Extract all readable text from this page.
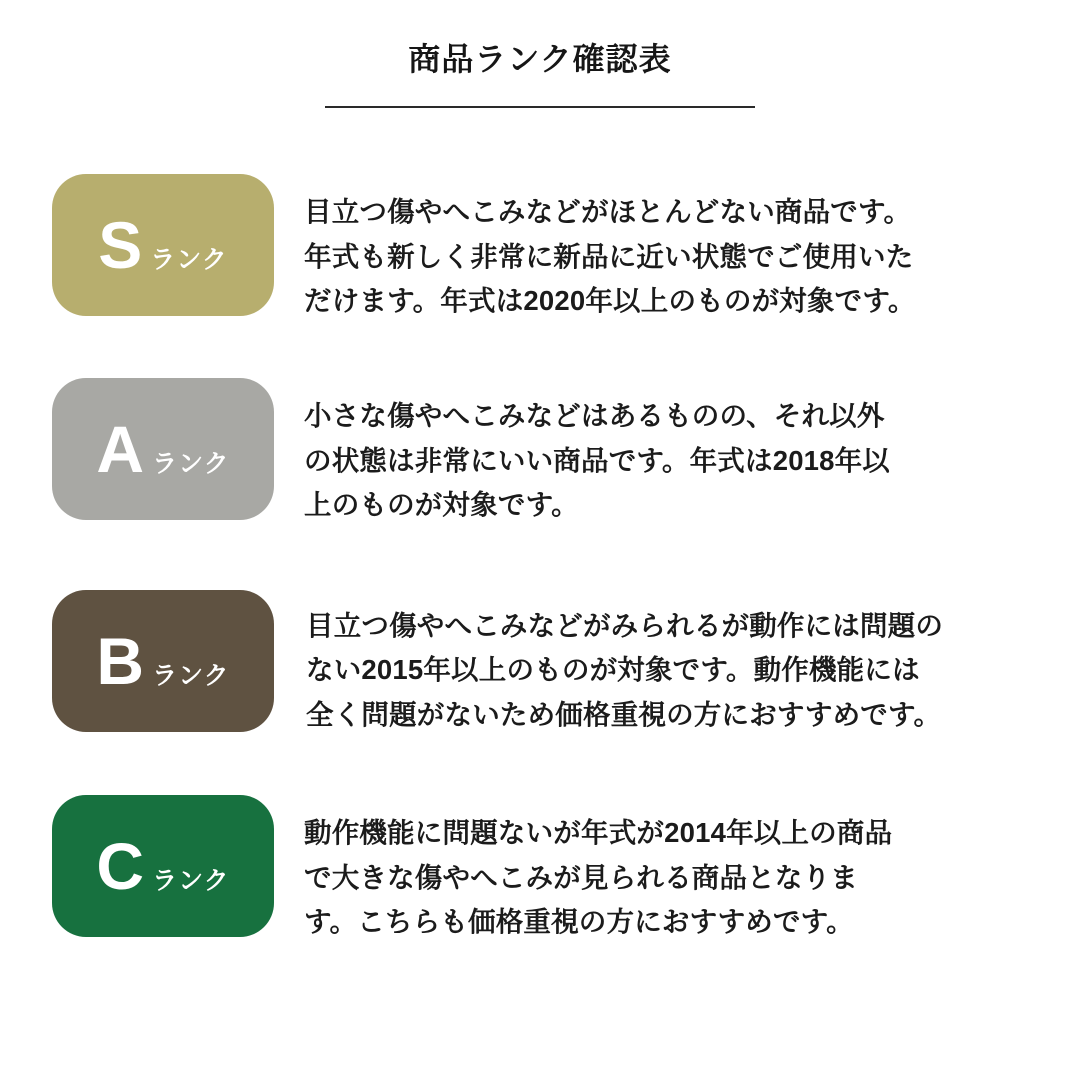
商品ランク確認表
S ランク

目立つ傷やへこみなどがほとんどない商品です。

年式も新しく非常に新品に近い状態でご使用いた

だけます。年式は2020年以上のものが対象です。

A ランク

小さな傷やへこみなどはあるものの、それ以外

の状態は非常にいい商品です。年式は2018年以

上のものが対象です。

B ランク

目立つ傷やへこみなどがみられるが動作には問題の

ない2015年以上のものが対象です。動作機能には

全く問題がないため価格重視の方におすすめです。

C ランク

動作機能に問題ないが年式が2014年以上の商品

で大きな傷やへこみが見られる商品となりま

す。こちらも価格重視の方におすすめです。
